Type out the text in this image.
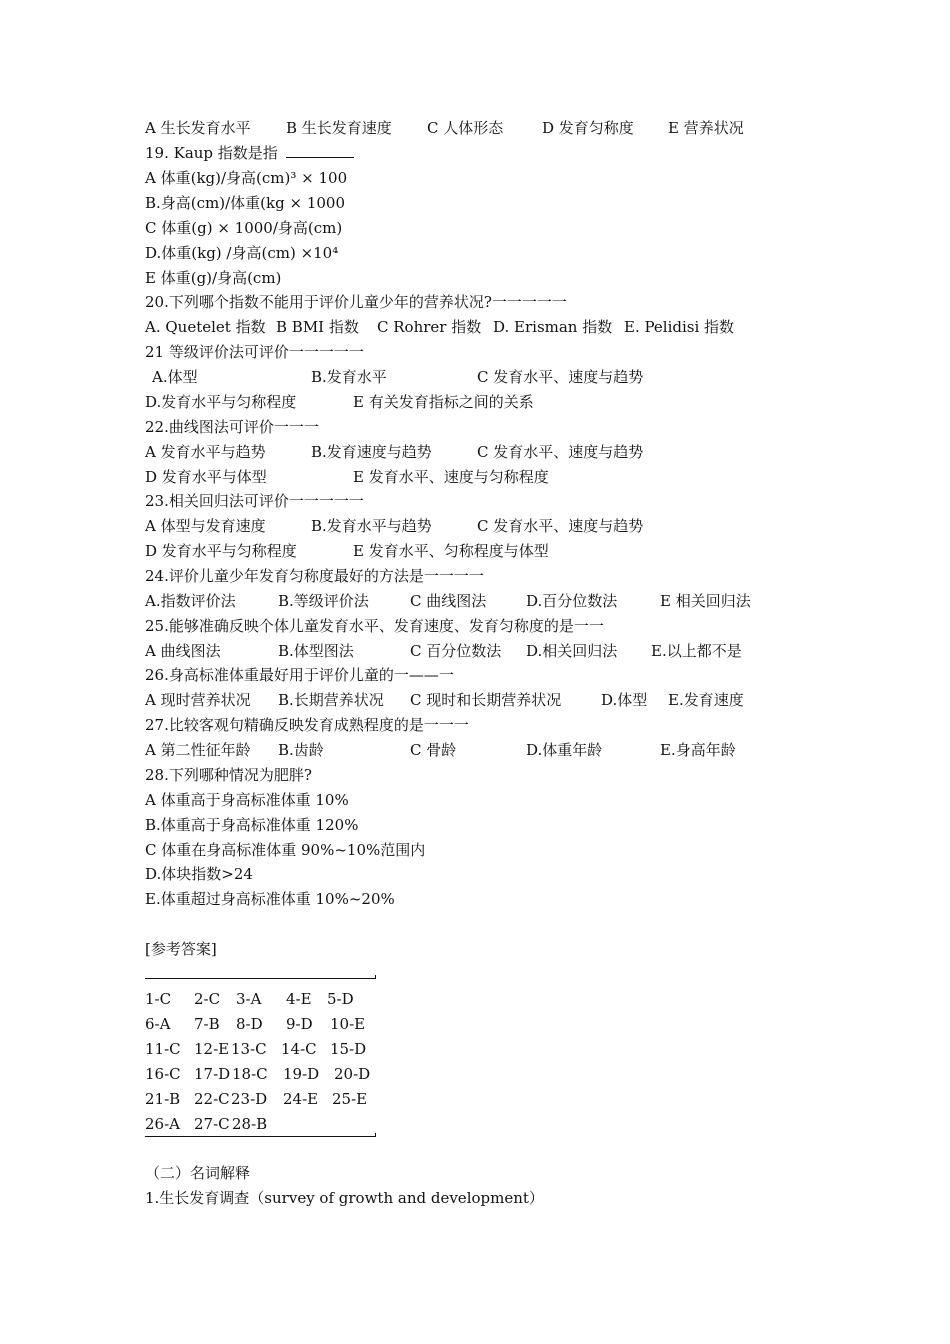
A 生长发育水平 B 生长发育速度 C 人体形态	D 发育匀称度 E 营养状况
19. Kaup 指数是指
A 体重(kg)/身高(cm)³ × 100
B.身高(cm)/体重(kg × 1000
C 体重(g) × 1000/身高(cm)
D.体重(kg) /身高(cm) ×10⁴
E 体重(g)/身高(cm)
20.下列哪个指数不能用于评价儿童少年的营养状况?一一一一一
A. Quetelet 指数 B BMI 指数 C Rohrer 指数 D. Erisman 指数 E. Pelidisi 指数
21 等级评价法可评价一一一一一
A.体型	B.发育水平	C 发育水平、速度与趋势
D.发育水平与匀称程度	E 有关发育指标之间的关系
22.曲线图法可评价一一一
A 发育水平与趋势	B.发育速度与趋势	C 发育水平、速度与趋势
D 发育水平与体型	E 发育水平、速度与匀称程度
23.相关回归法可评价一一一一一
A 体型与发育速度	B.发育水平与趋势	C 发育水平、速度与趋势
D 发育水平与匀称程度	E 发育水平、匀称程度与体型
24.评价儿童少年发育匀称度最好的方法是一一一一
A.指数评价法	B.等级评价法	C 曲线图法	D.百分位数法	E 相关回归法
25.能够准确反映个体儿童发育水平、发育速度、发育匀称度的是一一
A 曲线图法	B.体型图法	C 百分位数法 D.相关回归法 E.以上都不是
26.身高标准体重最好用于评价儿童的一——一
A 现时营养状况 B.长期营养状况 C 现时和长期营养状况	D.体型 E.发育速度
27.比较客观句精确反映发育成熟程度的是一一一
A 第二性征年龄 B.齿龄	C 骨龄	D.体重年龄	E.身高年龄
28.下列哪种情况为肥胖?
A 体重高于身高标准体重 10%
B.体重高于身高标准体重 120%
C 体重在身高标准体重 90%~10%范围内
D.体块指数>24
E.体重超过身高标准体重 10%~20%
[参考答案]
1-C 2-C 3-A 4-E 5-D
6-A 7-B 8-D 9-D 10-E
11-C 12-E 13-C 14-C 15-D
16-C 17-D 18-C 19-D 20-D
21-B 22-C 23-D 24-E 25-E
26-A 27-C 28-B
（二）名词解释
1.生长发育调查（survey of growth and development）
